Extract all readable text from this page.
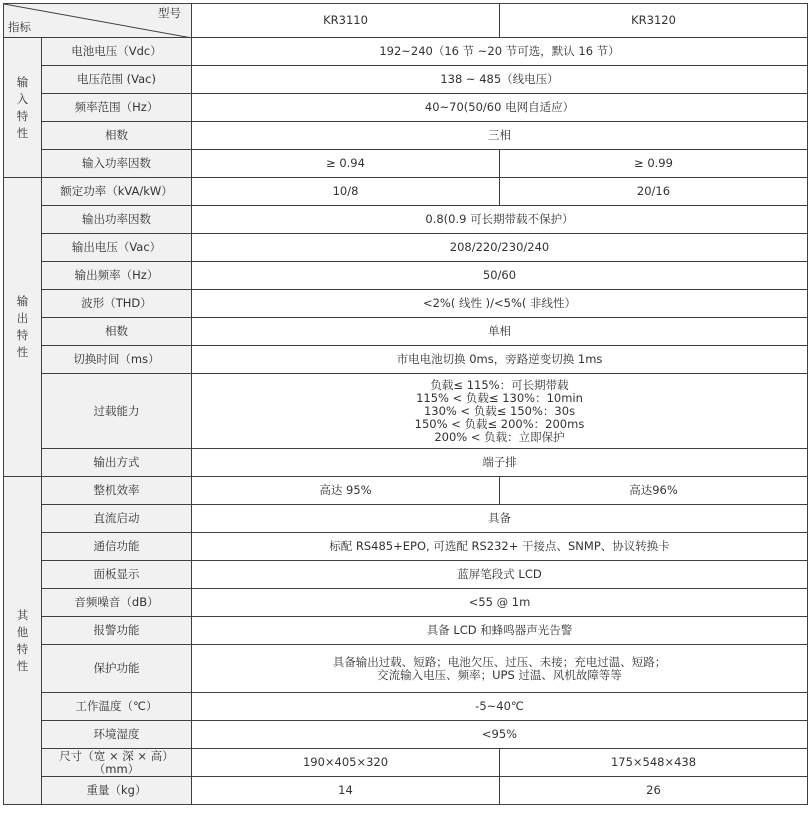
型号
指标		KR3110	KR3120

输
入
特
性	电池电压（Vdc）	192~240（16 节 ~20 节可选，默认 16 节）	
	电压范围 (Vac)	138 ~ 485（线电压）	
	频率范围（Hz）	40~70(50/60 电网自适应）	
	相数	三相	
	输入功率因数	≥ 0.94	≥ 0.99

输
出
特
性	额定功率（kVA/kW）	10/8	20/16
	输出功率因数	0.8(0.9 可长期带载不保护）	
	输出电压（Vac）	208/220/230/240	
	输出频率（Hz）	50/60	
	波形（THD）	<2%( 线性 )/<5%( 非线性）	
	相数	单相	
	切换时间（ms）	市电电池切换 0ms，旁路逆变切换 1ms	
	过载能力	负载≤ 115%：可长期带载
115% < 负载≤ 130%：10min
130% < 负载≤ 150%：30s
150% < 负载≤ 200%：200ms
200% < 负载：立即保护	

	输出方式	端子排	

其
他
特
性	整机效率	高达 95%	高达96%
	直流启动	具备	
	通信功能	标配 RS485+EPO, 可选配 RS232+ 干接点、SNMP、协议转换卡	
	面板显示	蓝屏笔段式 LCD	
	音频噪音（dB）	<55 @ 1m	
	报警功能	具备 LCD 和蜂鸣器声光告警	
	保护功能	具备输出过载、短路；电池欠压、过压、未接；充电过温、短路；
交流输入电压、频率；UPS 过温、风机故障等等	

	工作温度（℃）	-5~40℃	
	环境湿度	<95%	

	尺寸（宽 × 深 × 高）
（mm）	190×405×320	175×548×438
	重量（kg）	14	26
